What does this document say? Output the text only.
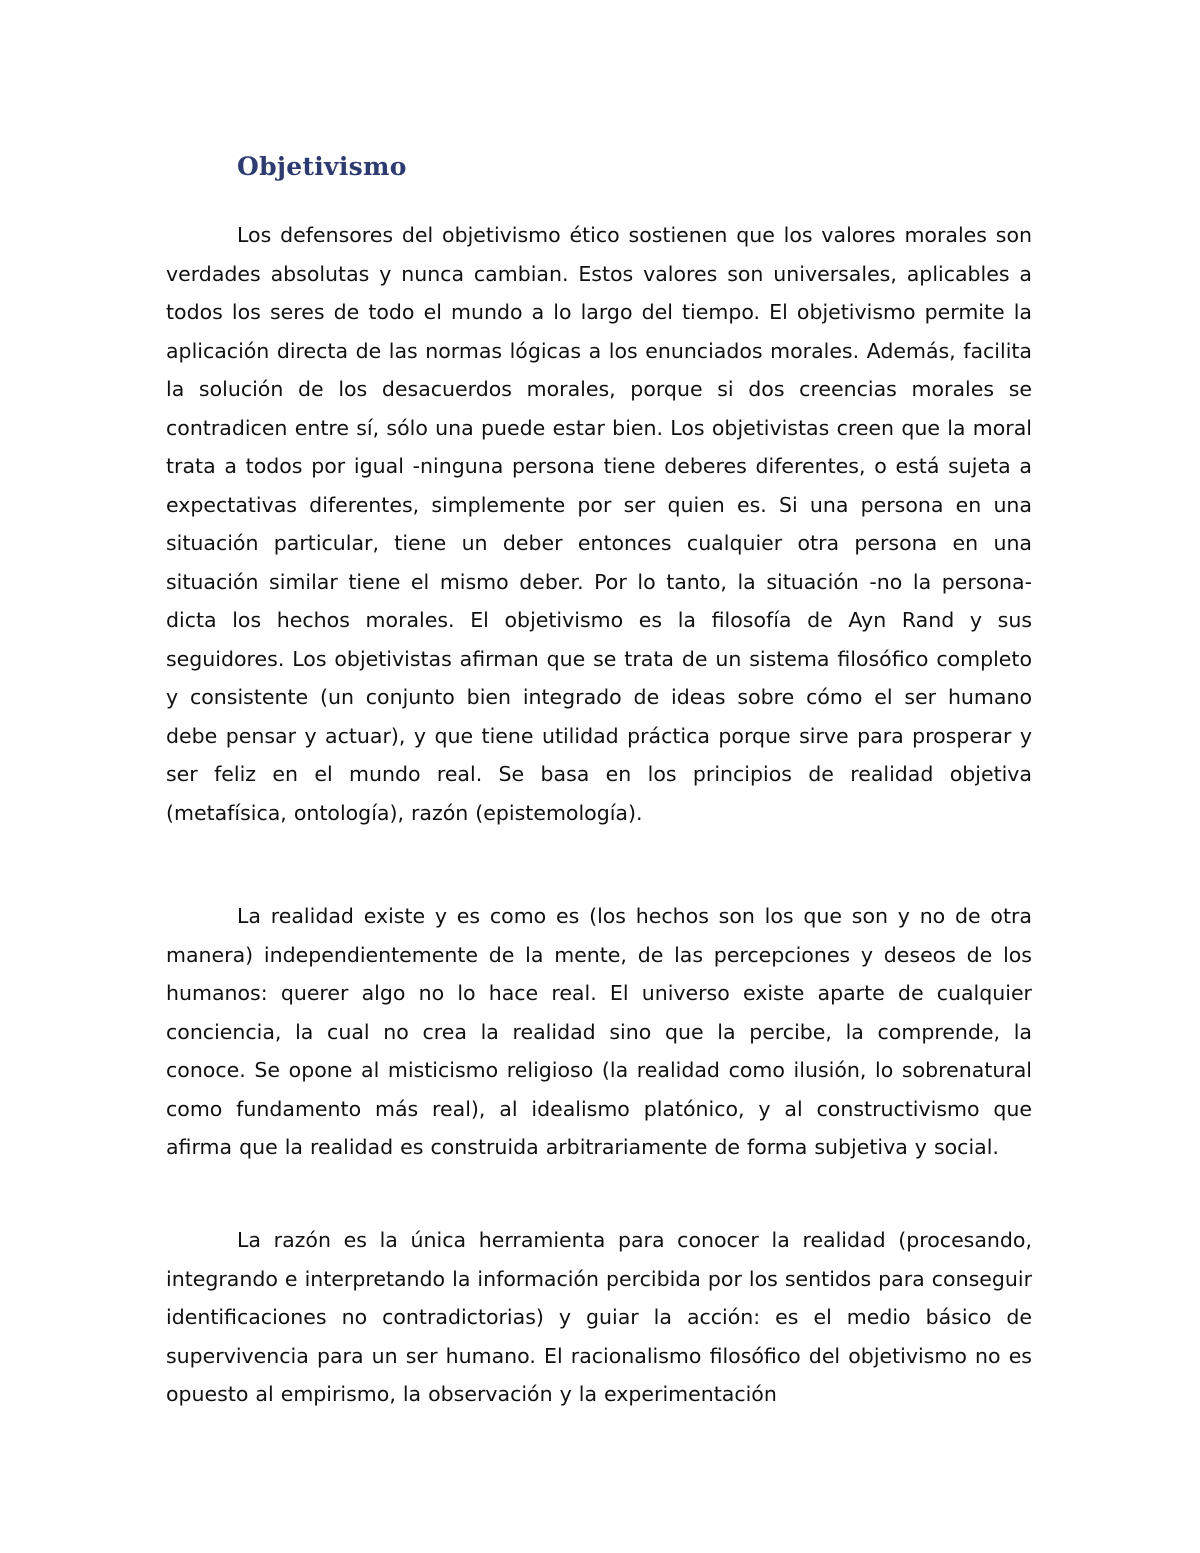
Objetivismo

Los defensores del objetivismo ético sostienen que los valores morales son verdades absolutas y nunca cambian. Estos valores son universales, aplicables a todos los seres de todo el mundo a lo largo del tiempo. El objetivismo permite la aplicación directa de las normas lógicas a los enunciados morales. Además, facilita la solución de los desacuerdos morales, porque si dos creencias morales se contradicen entre sí, sólo una puede estar bien. Los objetivistas creen que la moral trata a todos por igual -ninguna persona tiene deberes diferentes, o está sujeta a expectativas diferentes, simplemente por ser quien es. Si una persona en una situación particular, tiene un deber entonces cualquier otra persona en una situación similar tiene el mismo deber. Por lo tanto, la situación -no la persona- dicta los hechos morales. El objetivismo es la filosofía de Ayn Rand y sus seguidores. Los objetivistas afirman que se trata de un sistema filosófico completo y consistente (un conjunto bien integrado de ideas sobre cómo el ser humano debe pensar y actuar), y que tiene utilidad práctica porque sirve para prosperar y ser feliz en el mundo real. Se basa en los principios de realidad objetiva (metafísica, ontología), razón (epistemología).

La realidad existe y es como es (los hechos son los que son y no de otra manera) independientemente de la mente, de las percepciones y deseos de los humanos: querer algo no lo hace real. El universo existe aparte de cualquier conciencia, la cual no crea la realidad sino que la percibe, la comprende, la conoce. Se opone al misticismo religioso (la realidad como ilusión, lo sobrenatural como fundamento más real), al idealismo platónico, y al constructivismo que afirma que la realidad es construida arbitrariamente de forma subjetiva y social.

La razón es la única herramienta para conocer la realidad (procesando, integrando e interpretando la información percibida por los sentidos para conseguir identificaciones no contradictorias) y guiar la acción: es el medio básico de supervivencia para un ser humano. El racionalismo filosófico del objetivismo no es opuesto al empirismo, la observación y la experimentación
